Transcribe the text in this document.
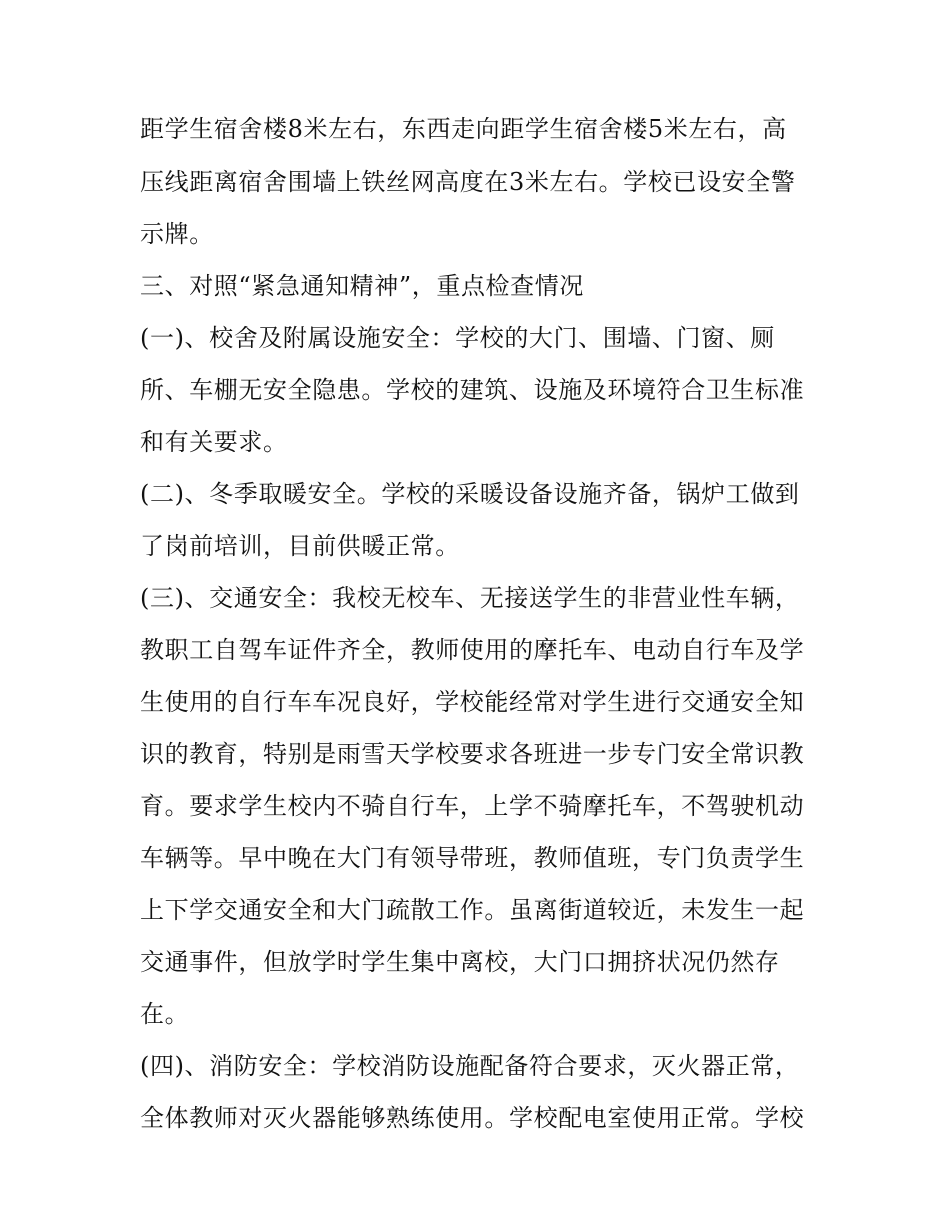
距学生宿舍楼8米左右，东西走向距学生宿舍楼5米左右，高
压线距离宿舍围墙上铁丝网高度在3米左右。学校已设安全警
示牌。
三、对照“紧急通知精神”，重点检查情况
(一)、校舍及附属设施安全：学校的大门、围墙、门窗、厕
所、车棚无安全隐患。学校的建筑、设施及环境符合卫生标准
和有关要求。
(二)、冬季取暖安全。学校的采暖设备设施齐备，锅炉工做到
了岗前培训，目前供暖正常。
(三)、交通安全：我校无校车、无接送学生的非营业性车辆，
教职工自驾车证件齐全，教师使用的摩托车、电动自行车及学
生使用的自行车车况良好，学校能经常对学生进行交通安全知
识的教育，特别是雨雪天学校要求各班进一步专门安全常识教
育。要求学生校内不骑自行车，上学不骑摩托车，不驾驶机动
车辆等。早中晚在大门有领导带班，教师值班，专门负责学生
上下学交通安全和大门疏散工作。虽离街道较近，未发生一起
交通事件，但放学时学生集中离校，大门口拥挤状况仍然存
在。
(四)、消防安全：学校消防设施配备符合要求，灭火器正常，
全体教师对灭火器能够熟练使用。学校配电室使用正常。学校
